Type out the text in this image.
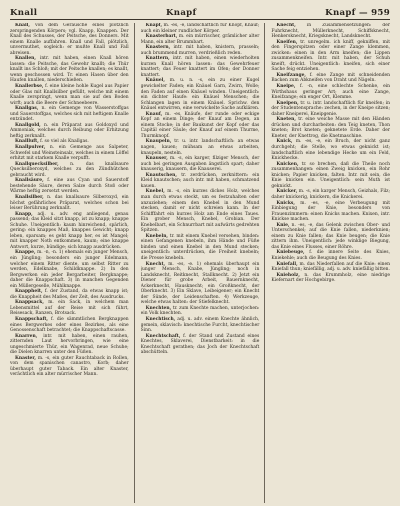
Knall	Knapf	Knapf — 959

Knall, von dem Geräusche eines plötzlich zerspringenden Körpers; vgl. Knapp, Knappen. Der Knall des Schusses, der Peitsche, des Donners. Mit einem Knalle auffahren. Knall und Fall, plötzlich, unvermuthet, sogleich: er mußte Knall und Fall abreisen.

Knallen, intr. mit haben, einen Knall hören lassen: die Peitsche, das Gewehr knallt; die Thür knallt ins Schloß; mit der Peitsche knallen; es knallt, wenn geschossen wird. Tr. einen Hasen über den Haufen knallen, niederschießen.

Knallerbse, f. eine kleine hohle Kugel aus Papier oder Glas mit Knallsilber gefüllt, welche mit einem Knalle zerspringt, wenn man sie auf den Boden wirft; auch die Beere der Schneebeere.

Knallgas, n. ein Gemenge von Wasserstoffgas und Sauerstoffgas, welches sich mit heftigem Knalle entzündet.

Knallgold, n. ein Präparat aus Goldoxyd und Ammoniak, welches durch Reibung oder Erhitzung heftig zerknallt.

Knallluft, f. so viel als Knallgas.

Knallpulver, n. ein Gemenge aus Salpeter, Schwefel und Weinsteinsalz, welches in einem Löffel erhitzt mit starkem Knalle verpufft.

Knallquecksilber,	n. das knallsaure Quecksilberoxyd, welches zu den Zündhütchen gebraucht wird.

Knallsäure, f. eine aus Cyan und Sauerstoff bestehende Säure, deren Salze durch Stoß oder Wärme heftig zersetzt werden.

Knallsilber, n. das knallsaure Silberoxyd, ein höchst gefährliches Präparat, welches schon bei leiser Berührung zerknallt.

Knapp, adj. u. adv. eng anliegend, genau passend; das Kleid sitzt knapp, ist zu knapp; knappe Schuhe. Uneigentlich: kaum hinreichend, spärlich, gering: ein knappes Maß, knappes Gewicht; knapp leben, sparsam; es geht knapp her, es ist Mangel; mit knapper Noth entkommen, kaum; eine knappe Antwort, kurze, bündige; sich knapp ausdrücken.

Knappe, m. -n, -n. 1) ehemals ein junger Mensch, ein Jüngling; besonders ein junger Edelmann, welcher einem Ritter diente, um selbst Ritter zu werden, Edelknabe, Schildknappe. 2) In den Bergwerken ein jeder Bergarbeiter, Bergknappe; daher die Knappschaft. 3) In manchen Gegenden ein Müllergeselle, Mühlknappe.

Knappheit, f. der Zustand, da etwas knapp ist; die Knappheit des Maßes, der Zeit, des Ausdrucks.

Knappsack, m. ein Sack, in welchem man Lebensmittel auf der Reise mit sich führt, Reisesack, Ranzen, Brotsack.

Knappschaft, f. die sämmtlichen Bergknappen eines Bergwerkes oder eines Bezirkes, als eine Genossenschaft betrachtet; die Knappschaftscasse.

Knarren, intr. mit haben, einen rauhen, zitternden Laut hervorbringen, wie eine ungeschmierte Thür, ein Wagenrad, neue Schuhe; die Dielen knarren unter den Füßen.

Knaster, m. -s, ein guter Rauchtaback in Rollen, von dem spanischen canastro, Korb; daher überhaupt guter Taback. Ein alter Knaster, verächtlich ein alter mürrischer Mann.

Knapf, m. -es, -e, landschaftlich für Knopf, Knauf; auch ein kleiner rundlicher Körper.

Knasterbart, m. ein mürrischer, grämlicher alter Mann, ein alter Brummbart.

Knastern, intr. mit haben, knistern, prasseln; auch brummend murren, verdrießlich reden.

Knattern, intr. mit haben, einen wiederholten kurzen Knall hören lassen: das Gewehrfeuer knattert; das Feuer knattert im Ofen; der Donner knattert.

Knäuel, m. u. n. -s, ein zu einer Kugel gewickelter Faden; ein Knäuel Garn, Zwirn, Wolle; den Faden auf einen Knäuel winden. Uneigentlich: ein dichter Haufe: ein Knäuel Menschen; die Schlangen lagen in einem Knäuel. Sprichw. den Knäuel entwirren, eine verwickelte Sache aufklären.

Knauf, m. -es, Knäufe, der runde oder eckige Kopf an einem Dinge; der Knauf am Degen, an einem Stocke; in der Baukunst der Kopf oder das Capitäl einer Säule; der Knauf auf einem Thurme, Thurmknopf.

Knaupeln, tr. u. intr. landschaftlich: an etwas nagen, kauen; mühsam an etwas arbeiten, knaupeln, nesteln.

Knauser, m. -s, ein karger, filziger Mensch, der auch bei geringen Ausgaben ängstlich spart; daher knauserig, knausern, die Knauserei.

Knautschen, tr. zerdrücken, zerknittern: ein Kleid knautschen; auch intr. mit haben, schmatzend kauen.

Knebel, m. -s, ein kurzes dickes Holz, welches man durch etwas steckt, um es festzuhalten oder anzuziehen; einem den Knebel in den Mund stecken, damit er nicht schreien kann. In der Schifffahrt ein kurzes Holz am Ende eines Taues. Ein grober Mensch, Knebel, Grobian. Der Knebelbart, ein Schnurrbart mit aufwärts gedrehten Spitzen.

Knebeln, tr. mit einem Knebel versehen, binden: einen Gefangenen knebeln, ihm Hände und Füße binden und einen Knebel in den Mund stecken; uneigentlich: unterdrücken, die Freiheit knebeln; die Presse knebeln.

Knecht, m. -es, -e. 1) ehemals überhaupt ein junger Mensch, Knabe, Jüngling; noch in Landsknecht, Reitknecht, Stallknecht. 2) Jetzt ein Diener für grobe Arbeit, Bauernknecht, Ackerknecht, Hausknecht; ein Großknecht, der Oberknecht. 3) Ein Sklave, Leibeigener; ein Knecht der Sünde, der Leidenschaften. 4) Werkzeuge, welche etwas halten: der Stiefelknecht.

Knechten, tr. zum Knechte machen, unterjochen: ein Volk knechten.

Knechtisch, adj. u. adv. einem Knechte ähnlich, gemein, sklavisch: knechtische Furcht, knechtischer Sinn.

Knechtschaft, f. der Stand und Zustand eines Knechtes, Sklaverei, Dienstbarkeit: in die Knechtschaft gerathen; das Joch der Knechtschaft abschütteln.

Knecht, in Zusammensetzungen: der Fuhrknecht, Müllerknecht, Schiffsknecht, Henkersknecht, Kriegsknecht, Landsknecht.

Kneifen, tr. unregelm. ich kniff, gekniffen, mit den Fingerspitzen oder einer Zange klemmen, zwicken: einen in den Arm kneifen; die Lippen zusammenkneifen. Intr. mit haben, der Schuh kneift, drückt. Uneigentlich: kneifen, sich einer Sache feig entziehen.

Kneifzange, f. eine Zange mit schneidenden Backen zum Abkneifen von Draht und Nägeln.

Kneipe, f. -n, eine schlechte Schenke, ein Wirthshaus geringer Art; auch eine Zange, Kneifzange; ein enger Ort, Klemme.

Kneipen, tr. u. intr. landschaftlich für kneifen; in der Studentensprache: zechen, in der Kneipe sitzen; daher Kneiperei, Kneipgenie.

Kneten, tr. eine weiche Masse mit den Händen drücken und durcharbeiten: den Teig kneten, Thon kneten; Brot kneten; geknetete Erde. Daher der Kneter, der Knettrog, die Knetmaschine.

Knick, m. -es, -e, ein Bruch, der nicht ganz durchgeht; die Stelle, wo etwas geknickt ist; landschaftlich eine lebendige Hecke um ein Feld, Knickhecke.

Knicken, tr. so brechen, daß die Theile noch zusammenhangen: einen Zweig knicken, ein Rohr knicken; Papier knicken, falten. Intr. mit sein, die Knie knicken ein. Uneigentlich: sein Muth ist geknickt.

Knicker, m. -s, ein karger Mensch, Geizhals, Filz; daher knickerig, knickern, die Knickerei.

Knicks, m. -es, -e, eine Verbeugung mit Einbiegung der Knie, besonders von Frauenzimmern: einen Knicks machen. Knixen, intr. Knickse machen.

Knie, n. -es, -e, das Gelenk zwischen Ober- und Unterschenkel; auf die Knie fallen, niederknien; einem zu Knie fallen; das Knie beugen; die Knie zittern ihm. Uneigentlich: jede winklige Biegung, das Knie eines Flusses, einer Röhre.

Kniebeuge, f. die innere Seite des Knies, Kniekehle; auch die Beugung des Knies.

Kniefall, m. das Niederfallen auf die Knie: einen Kniefall thun; kniefällig, adj. u. adv. kniefällig bitten.

Knieholz, n. das Krummholz, eine niedrige Kiefernart der Hochgebirge.
